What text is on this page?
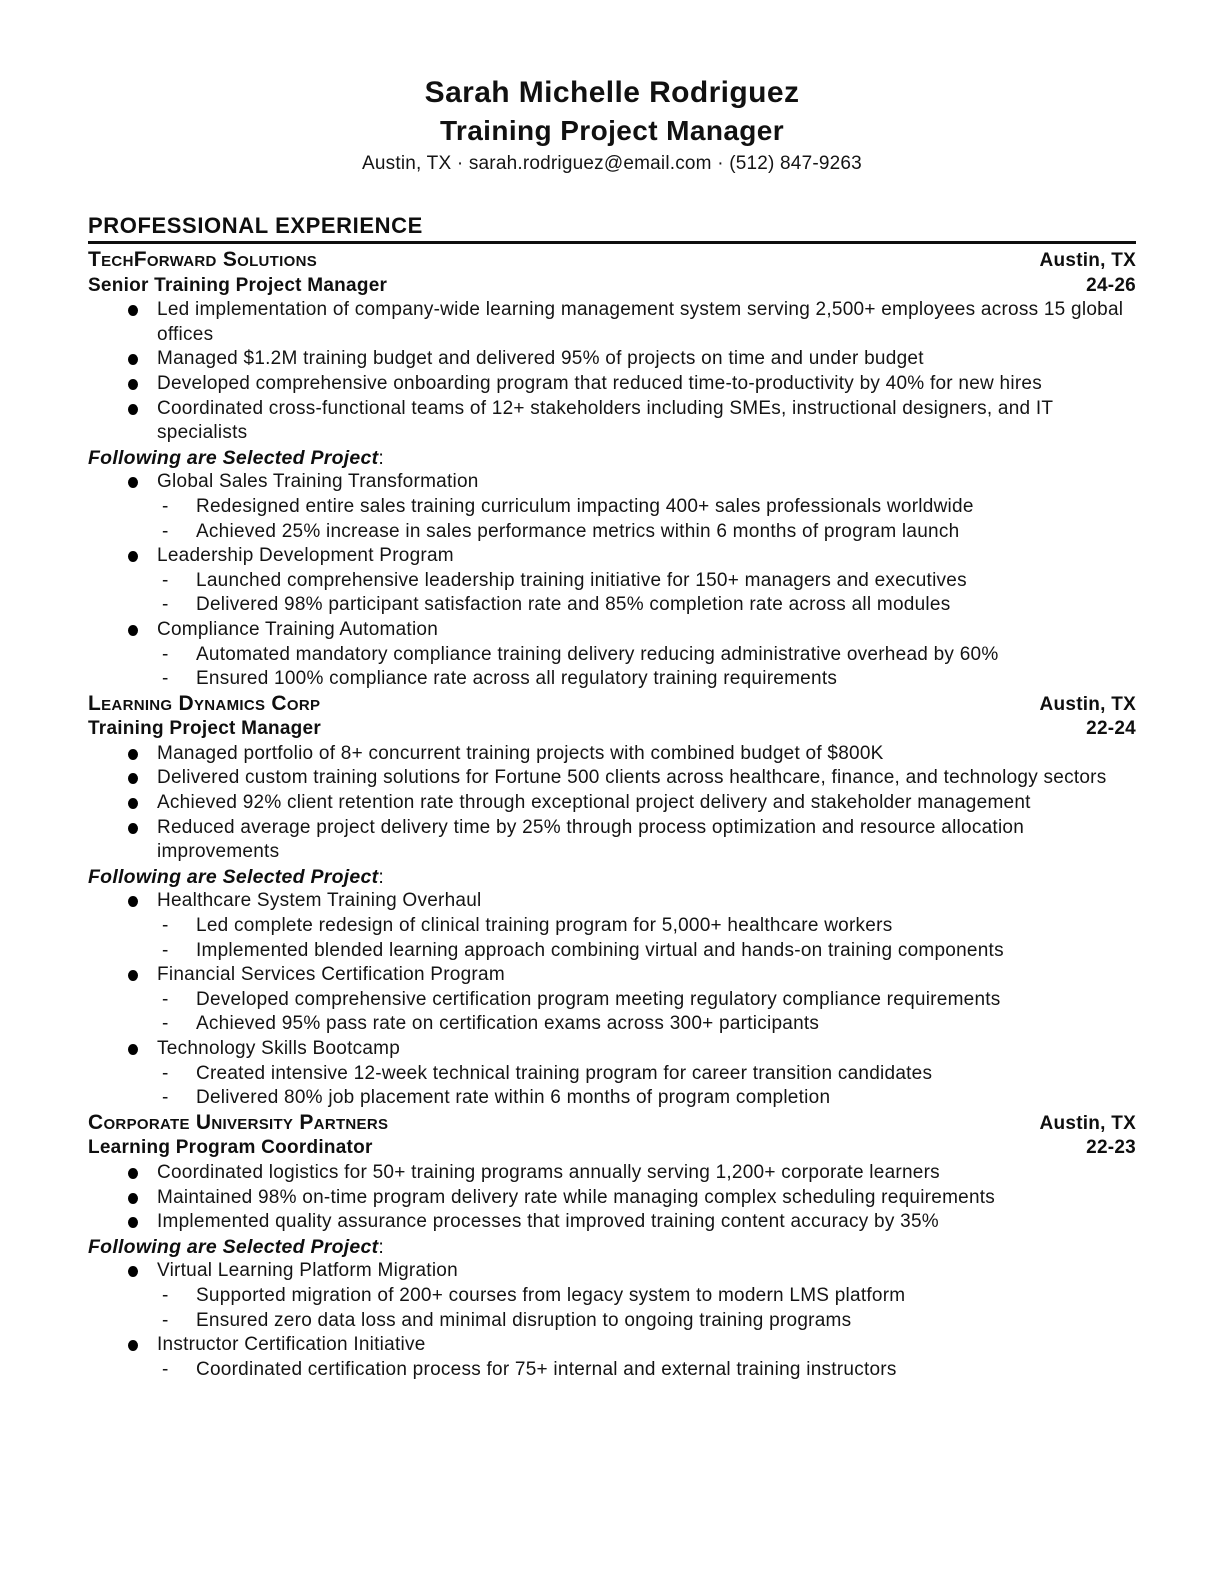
Sarah Michelle Rodriguez
Training Project Manager
Austin, TX · sarah.rodriguez@email.com · (512) 847-9263
PROFESSIONAL EXPERIENCE
TechForward Solutions	Austin, TX
Senior Training Project Manager	24-26
Led implementation of company-wide learning management system serving 2,500+ employees across 15 global offices
Managed $1.2M training budget and delivered 95% of projects on time and under budget
Developed comprehensive onboarding program that reduced time-to-productivity by 40% for new hires
Coordinated cross-functional teams of 12+ stakeholders including SMEs, instructional designers, and IT specialists
Following are Selected Project:
Global Sales Training Transformation
-	Redesigned entire sales training curriculum impacting 400+ sales professionals worldwide
-	Achieved 25% increase in sales performance metrics within 6 months of program launch
Leadership Development Program
-	Launched comprehensive leadership training initiative for 150+ managers and executives
-	Delivered 98% participant satisfaction rate and 85% completion rate across all modules
Compliance Training Automation
-	Automated mandatory compliance training delivery reducing administrative overhead by 60%
-	Ensured 100% compliance rate across all regulatory training requirements
Learning Dynamics Corp	Austin, TX
Training Project Manager	22-24
Managed portfolio of 8+ concurrent training projects with combined budget of $800K
Delivered custom training solutions for Fortune 500 clients across healthcare, finance, and technology sectors
Achieved 92% client retention rate through exceptional project delivery and stakeholder management
Reduced average project delivery time by 25% through process optimization and resource allocation improvements
Following are Selected Project:
Healthcare System Training Overhaul
-	Led complete redesign of clinical training program for 5,000+ healthcare workers
-	Implemented blended learning approach combining virtual and hands-on training components
Financial Services Certification Program
-	Developed comprehensive certification program meeting regulatory compliance requirements
-	Achieved 95% pass rate on certification exams across 300+ participants
Technology Skills Bootcamp
-	Created intensive 12-week technical training program for career transition candidates
-	Delivered 80% job placement rate within 6 months of program completion
Corporate University Partners	Austin, TX
Learning Program Coordinator	22-23
Coordinated logistics for 50+ training programs annually serving 1,200+ corporate learners
Maintained 98% on-time program delivery rate while managing complex scheduling requirements
Implemented quality assurance processes that improved training content accuracy by 35%
Following are Selected Project:
Virtual Learning Platform Migration
-	Supported migration of 200+ courses from legacy system to modern LMS platform
-	Ensured zero data loss and minimal disruption to ongoing training programs
Instructor Certification Initiative
-	Coordinated certification process for 75+ internal and external training instructors
